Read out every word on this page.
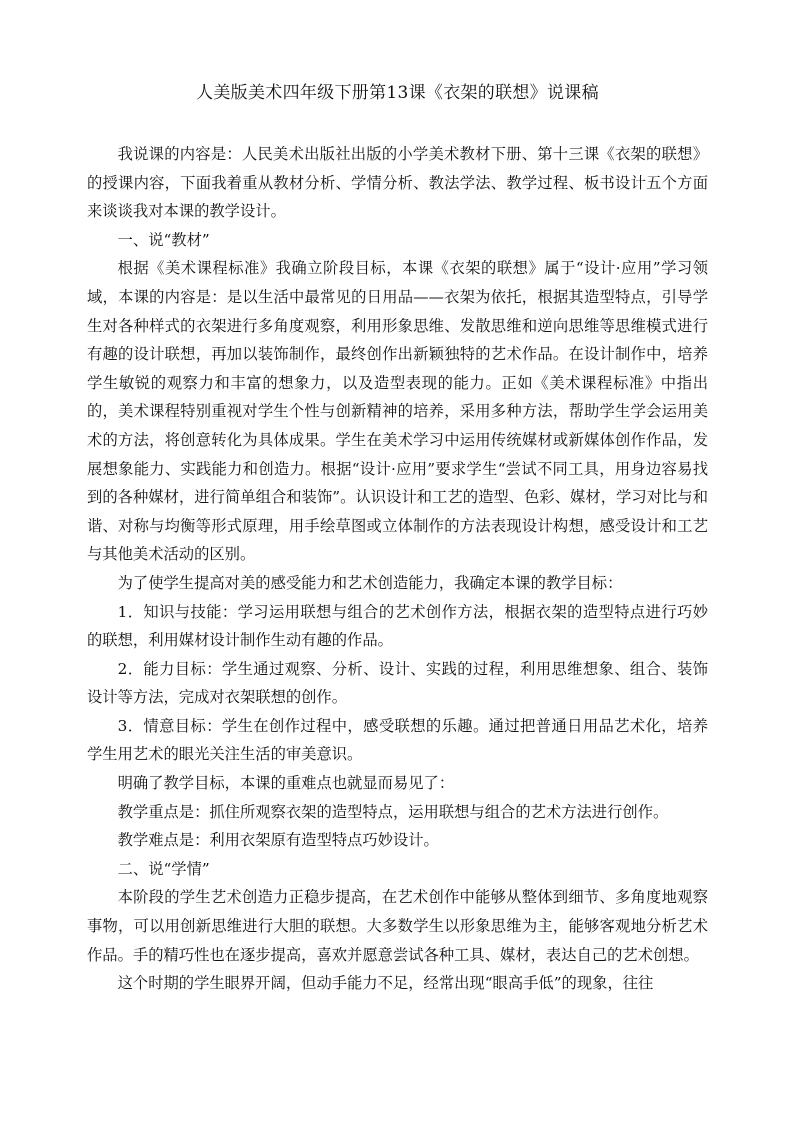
人美版美术四年级下册第13课《衣架的联想》说课稿

我说课的内容是：人民美术出版社出版的小学美术教材下册、第十三课《衣架的联想》的授课内容，下面我着重从教材分析、学情分析、教法学法、教学过程、板书设计五个方面来谈谈我对本课的教学设计。

一、说“教材”

根据《美术课程标准》我确立阶段目标，本课《衣架的联想》属于“设计·应用”学习领域，本课的内容是：是以生活中最常见的日用品——衣架为依托，根据其造型特点，引导学生对各种样式的衣架进行多角度观察，利用形象思维、发散思维和逆向思维等思维模式进行有趣的设计联想，再加以装饰制作，最终创作出新颖独特的艺术作品。在设计制作中，培养学生敏锐的观察力和丰富的想象力，以及造型表现的能力。正如《美术课程标准》中指出的，美术课程特别重视对学生个性与创新精神的培养，采用多种方法，帮助学生学会运用美术的方法，将创意转化为具体成果。学生在美术学习中运用传统媒材或新媒体创作作品，发展想象能力、实践能力和创造力。根据“设计·应用”要求学生“尝试不同工具，用身边容易找到的各种媒材，进行简单组合和装饰”。认识设计和工艺的造型、色彩、媒材，学习对比与和谐、对称与均衡等形式原理，用手绘草图或立体制作的方法表现设计构想，感受设计和工艺与其他美术活动的区别。

为了使学生提高对美的感受能力和艺术创造能力，我确定本课的教学目标：

1．知识与技能：学习运用联想与组合的艺术创作方法，根据衣架的造型特点进行巧妙的联想，利用媒材设计制作生动有趣的作品。

2．能力目标：学生通过观察、分析、设计、实践的过程，利用思维想象、组合、装饰设计等方法，完成对衣架联想的创作。

3．情意目标：学生在创作过程中，感受联想的乐趣。通过把普通日用品艺术化，培养学生用艺术的眼光关注生活的审美意识。

明确了教学目标，本课的重难点也就显而易见了：

教学重点是：抓住所观察衣架的造型特点，运用联想与组合的艺术方法进行创作。

教学难点是：利用衣架原有造型特点巧妙设计。

二、说“学情”

本阶段的学生艺术创造力正稳步提高，在艺术创作中能够从整体到细节、多角度地观察事物，可以用创新思维进行大胆的联想。大多数学生以形象思维为主，能够客观地分析艺术作品。手的精巧性也在逐步提高，喜欢并愿意尝试各种工具、媒材，表达自己的艺术创想。

这个时期的学生眼界开阔，但动手能力不足，经常出现“眼高手低”的现象，往往
